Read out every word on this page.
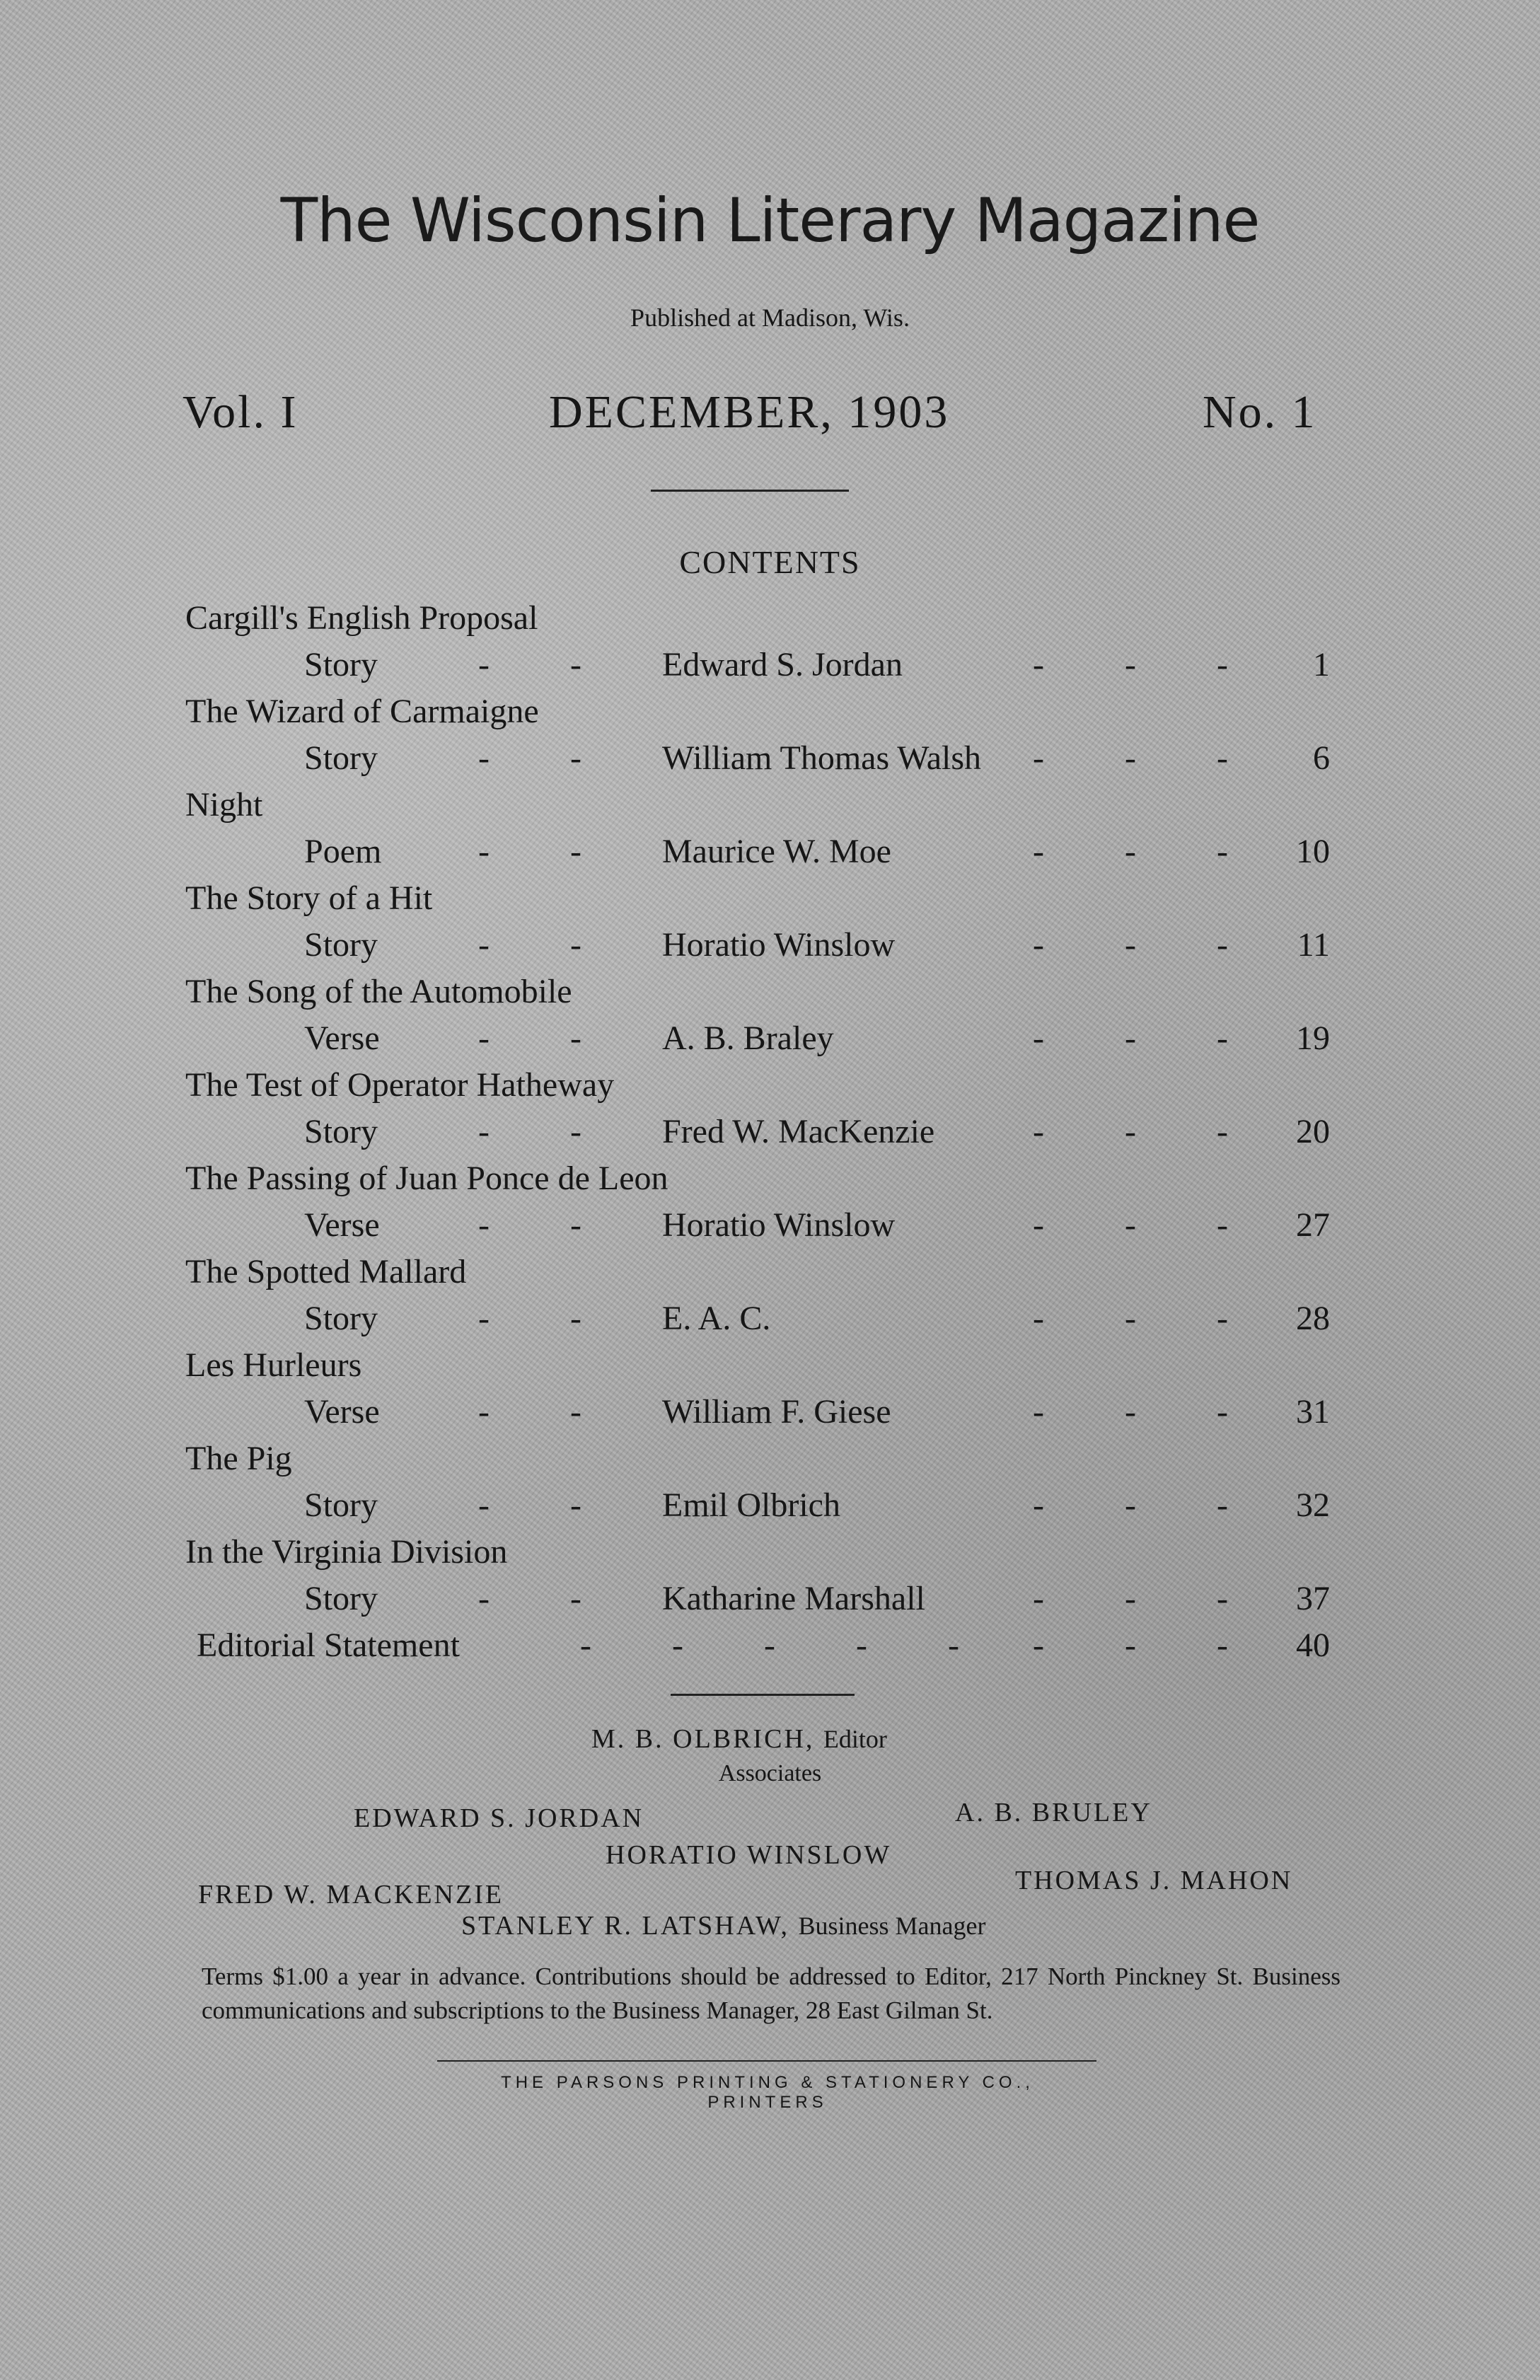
The Wisconsin Literary Magazine
Published at Madison, Wis.
Vol. I	DECEMBER, 1903	No. 1
CONTENTS
Cargill's English Proposal
Story	- - Edward S. Jordan	- - -	1
The Wizard of Carmaigne
Story	- - William Thomas Walsh - - -	6
Night
Poem	- - Maurice W. Moe	- - -	10
The Story of a Hit
Story	- - Horatio Winslow	- - -	11
The Song of the Automobile
Verse	- - A. B. Braley	- - -	19
The Test of Operator Hatheway
Story	- - Fred W. MacKenzie	- - -	20
The Passing of Juan Ponce de Leon
Verse	- - Horatio Winslow	- - -	27
The Spotted Mallard
Story	- - E. A. C.	- - -	28
Les Hurleurs
Verse	- - William F. Giese	- - -	31
The Pig
Story	- - Emil Olbrich	- - -	32
In the Virginia Division
Story	- - Katharine Marshall	- - -	37
Editorial Statement	- - - - - - - -	40
M. B. OLBRICH, Editor
Associates
EDWARD S. JORDAN	A. B. BRULEY
HORATIO WINSLOW
FRED W. MACKENZIE	THOMAS J. MAHON
STANLEY R. LATSHAW, Business Manager
Terms $1.00 a year in advance. Contributions should be addressed to Editor, 217 North Pinckney St. Business communications and subscriptions to the Business Manager, 28 East Gilman St.
THE PARSONS PRINTING & STATIONERY CO., PRINTERS
